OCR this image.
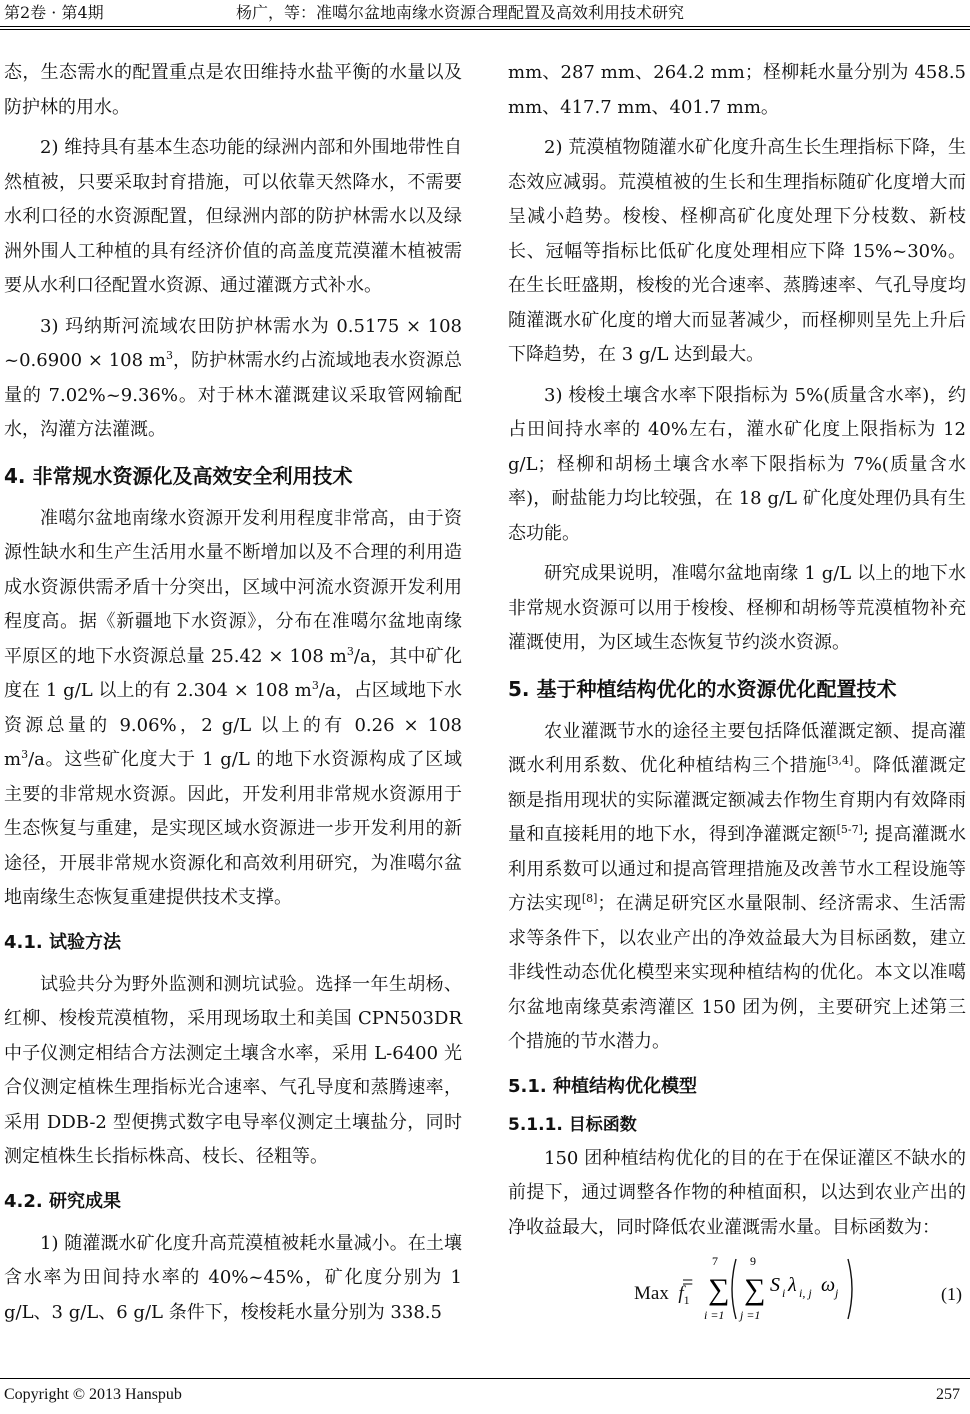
第2卷 · 第4期	杨广，等：准噶尔盆地南缘水资源合理配置及高效利用技术研究

态，生态需水的配置重点是农田维持水盐平衡的水量以及防护林的用水。

2) 维持具有基本生态功能的绿洲内部和外围地带性自然植被，只要采取封育措施，可以依靠天然降水，不需要水利口径的水资源配置，但绿洲内部的防护林需水以及绿洲外围人工种植的具有经济价值的高盖度荒漠灌木植被需要从水利口径配置水资源、通过灌溉方式补水。

3) 玛纳斯河流域农田防护林需水为 0.5175 × 108 ~0.6900 × 108 $m^3$，防护林需水约占流域地表水资源总量的 7.02%~9.36%。对于林木灌溉建议采取管网输配水，沟灌方法灌溉。

4. 非常规水资源化及高效安全利用技术

准噶尔盆地南缘水资源开发利用程度非常高，由于资源性缺水和生产生活用水量不断增加以及不合理的利用造成水资源供需矛盾十分突出，区域中河流水资源开发利用程度高。据《新疆地下水资源》，分布在准噶尔盆地南缘平原区的地下水资源总量 25.42 × 108 $m^3/a$，其中矿化度在 1 g/L 以上的有 2.304 × 108 $m^3/a$，占区域地下水资源总量的 9.06%，2 g/L 以上的有 0.26 × 108 $m^3/a$。这些矿化度大于 1 g/L 的地下水资源构成了区域主要的非常规水资源。因此，开发利用非常规水资源用于生态恢复与重建，是实现区域水资源进一步开发利用的新途径，开展非常规水资源化和高效利用研究，为准噶尔盆地南缘生态恢复重建提供技术支撑。

4.1. 试验方法

试验共分为野外监测和测坑试验。选择一年生胡杨、红柳、梭梭荒漠植物，采用现场取土和美国 CPN503DR 中子仪测定相结合方法测定土壤含水率，采用 L-6400 光合仪测定植株生理指标光合速率、气孔导度和蒸腾速率，采用 DDB-2 型便携式数字电导率仪测定土壤盐分，同时测定植株生长指标株高、枝长、径粗等。

4.2. 研究成果

1) 随灌溉水矿化度升高荒漠植被耗水量减小。在土壤含水率为田间持水率的 40%~45%，矿化度分别为 1 g/L、3 g/L、6 g/L 条件下，梭梭耗水量分别为 338.5

mm、287 mm、264.2 mm；柽柳耗水量分别为 458.5 mm、417.7 mm、401.7 mm。

2) 荒漠植物随灌水矿化度升高生长生理指标下降，生态效应减弱。荒漠植被的生长和生理指标随矿化度增大而呈减小趋势。梭梭、柽柳高矿化度处理下分枝数、新枝长、冠幅等指标比低矿化度处理相应下降 15%~30%。在生长旺盛期，梭梭的光合速率、蒸腾速率、气孔导度均随灌溉水矿化度的增大而显著减少，而柽柳则呈先上升后下降趋势，在 3 g/L 达到最大。

3) 梭梭土壤含水率下限指标为 5%(质量含水率)，约占田间持水率的 40%左右，灌水矿化度上限指标为 12 g/L；柽柳和胡杨土壤含水率下限指标为 7%(质量含水率)，耐盐能力均比较强，在 18 g/L 矿化度处理仍具有生态功能。

研究成果说明，准噶尔盆地南缘 1 g/L 以上的地下水非常规水资源可以用于梭梭、柽柳和胡杨等荒漠植物补充灌溉使用，为区域生态恢复节约淡水资源。

5. 基于种植结构优化的水资源优化配置技术

农业灌溉节水的途径主要包括降低灌溉定额、提高灌溉水利用系数、优化种植结构三个措施[3,4]。降低灌溉定额是指用现状的实际灌溉定额减去作物生育期内有效降雨量和直接耗用的地下水，得到净灌溉定额[5-7]; 提高灌溉水利用系数可以通过和提高管理措施及改善节水工程设施等方法实现[8]；在满足研究区水量限制、经济需求、生活需求等条件下，以农业产出的净效益最大为目标函数，建立非线性动态优化模型来实现种植结构的优化。本文以准噶尔盆地南缘莫索湾灌区 150 团为例，主要研究上述第三个措施的节水潜力。

5.1. 种植结构优化模型
5.1.1. 目标函数

150 团种植结构优化的目的在于在保证灌区不缺水的前提下，通过调整各作物的种植面积，以达到农业产出的净收益最大，同时降低农业灌溉需水量。目标函数为：

Max $f_1$
=
7
∑
i =1
9
∑
j =1
S i λ i, j ω j	(1)
Copyright © 2013 Hanspub	257
